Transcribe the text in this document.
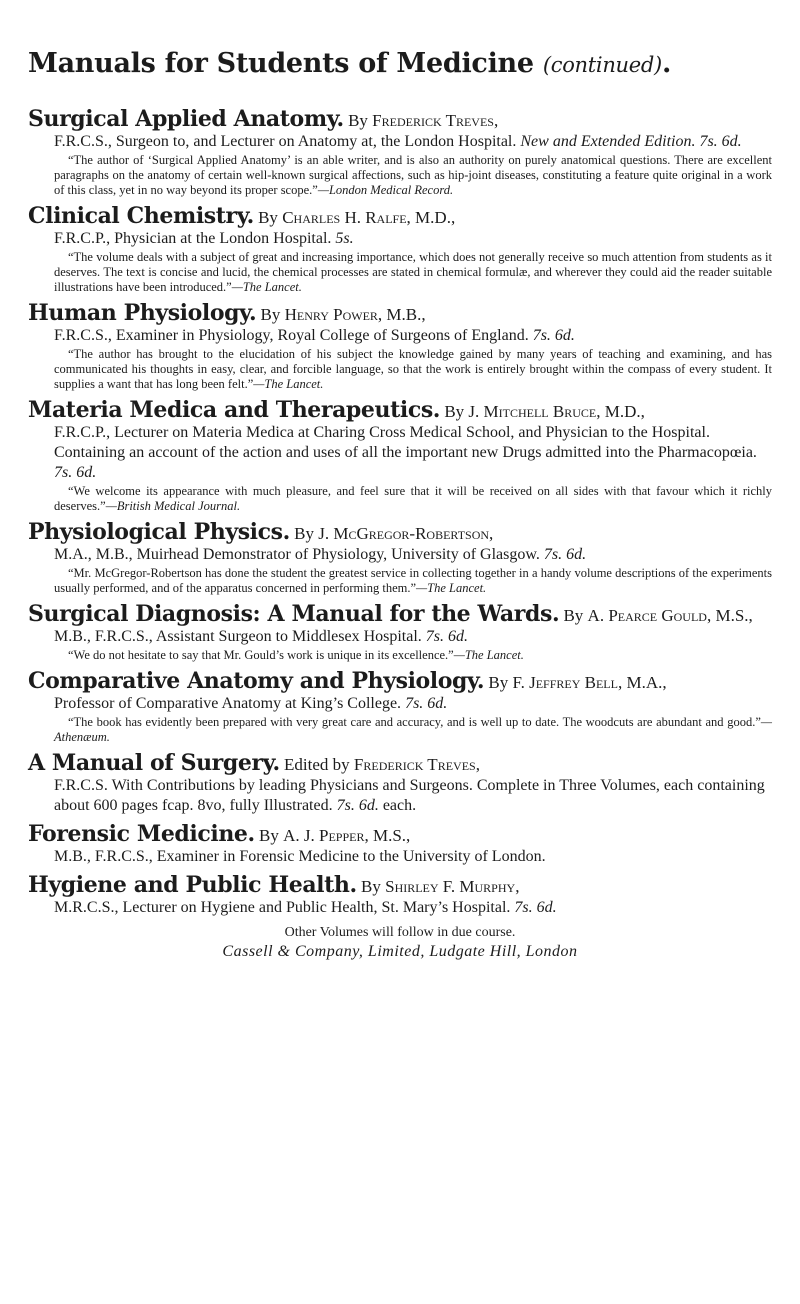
Manuals for Students of Medicine (continued).
Surgical Applied Anatomy. By Frederick Treves,
F.R.C.S., Surgeon to, and Lecturer on Anatomy at, the London Hospital. New and Extended Edition. 7s. 6d.
“The author of ‘Surgical Applied Anatomy’ is an able writer, and is also an authority on purely anatomical questions. There are excellent paragraphs on the anatomy of certain well-known surgical affections, such as hip-joint diseases, constituting a feature quite original in a work of this class, yet in no way beyond its proper scope.”—London Medical Record.
Clinical Chemistry. By Charles H. Ralfe, M.D.,
F.R.C.P., Physician at the London Hospital. 5s.
“The volume deals with a subject of great and increasing importance, which does not generally receive so much attention from students as it deserves. The text is concise and lucid, the chemical processes are stated in chemical formulæ, and wherever they could aid the reader suitable illustrations have been introduced.”—The Lancet.
Human Physiology. By Henry Power, M.B.,
F.R.C.S., Examiner in Physiology, Royal College of Surgeons of England. 7s. 6d.
“The author has brought to the elucidation of his subject the knowledge gained by many years of teaching and examining, and has communicated his thoughts in easy, clear, and forcible language, so that the work is entirely brought within the compass of every student. It supplies a want that has long been felt.”—The Lancet.
Materia Medica and Therapeutics. By J. Mitchell Bruce, M.D.,
F.R.C.P., Lecturer on Materia Medica at Charing Cross Medical School, and Physician to the Hospital. Containing an account of the action and uses of all the important new Drugs admitted into the Pharmacopœia. 7s. 6d.
“We welcome its appearance with much pleasure, and feel sure that it will be received on all sides with that favour which it richly deserves.”—British Medical Journal.
Physiological Physics. By J. McGregor-Robertson,
M.A., M.B., Muirhead Demonstrator of Physiology, University of Glasgow. 7s. 6d.
“Mr. McGregor-Robertson has done the student the greatest service in collecting together in a handy volume descriptions of the experiments usually performed, and of the apparatus concerned in performing them.”—The Lancet.
Surgical Diagnosis: A Manual for the Wards. By A. Pearce Gould, M.S.,
M.B., F.R.C.S., Assistant Surgeon to Middlesex Hospital. 7s. 6d.
“We do not hesitate to say that Mr. Gould’s work is unique in its excellence.”—The Lancet.
Comparative Anatomy and Physiology. By F. Jeffrey Bell, M.A.,
Professor of Comparative Anatomy at King’s College. 7s. 6d.
“The book has evidently been prepared with very great care and accuracy, and is well up to date. The woodcuts are abundant and good.”—Athenæum.
A Manual of Surgery. Edited by Frederick Treves,
F.R.C.S. With Contributions by leading Physicians and Surgeons. Complete in Three Volumes, each containing about 600 pages fcap. 8vo, fully Illustrated. 7s. 6d. each.
Forensic Medicine. By A. J. Pepper, M.S.,
M.B., F.R.C.S., Examiner in Forensic Medicine to the University of London.
Hygiene and Public Health. By Shirley F. Murphy,
M.R.C.S., Lecturer on Hygiene and Public Health, St. Mary’s Hospital. 7s. 6d.
Other Volumes will follow in due course.
Cassell & Company, Limited, Ludgate Hill, London
